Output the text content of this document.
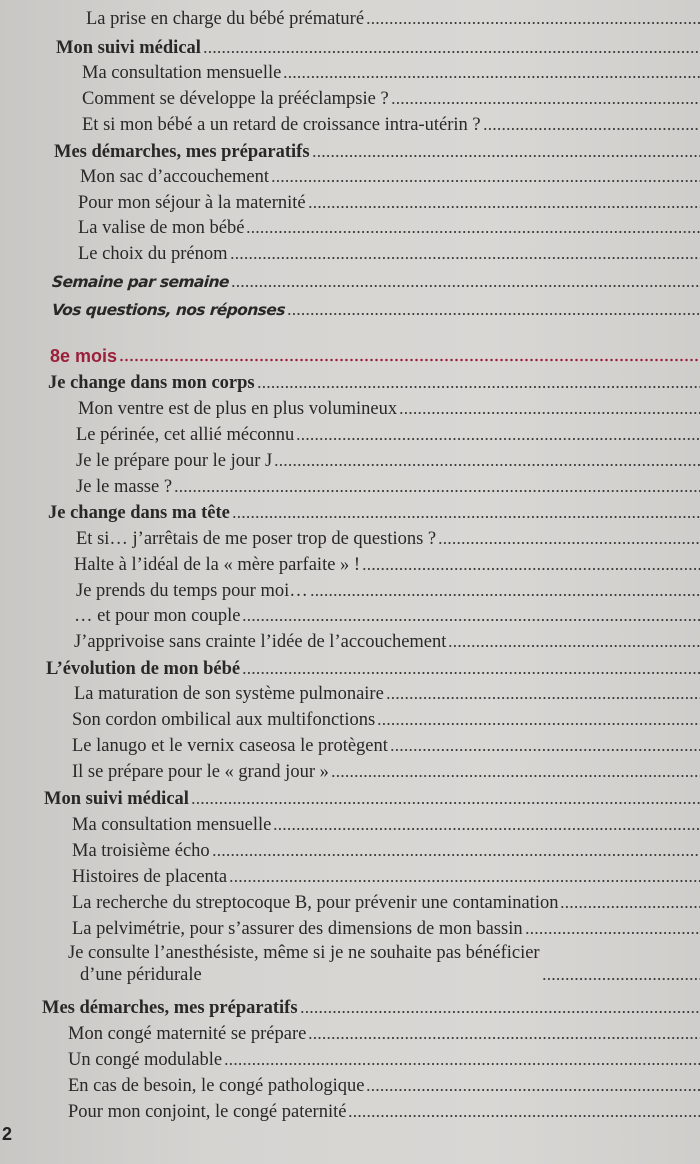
La prise en charge du bébé prématuré
Mon suivi médical
Ma consultation mensuelle
Comment se développe la prééclampsie ?
Et si mon bébé a un retard de croissance intra-utérin ?
Mes démarches, mes préparatifs
Mon sac d’accouchement
Pour mon séjour à la maternité
La valise de mon bébé
Le choix du prénom
Semaine par semaine
Vos questions, nos réponses
8e mois
Je change dans mon corps
Mon ventre est de plus en plus volumineux
Le périnée, cet allié méconnu
Je le prépare pour le jour J
Je le masse ?
Je change dans ma tête
Et si… j’arrêtais de me poser trop de questions ?
Halte à l’idéal de la « mère parfaite » !
Je prends du temps pour moi…
… et pour mon couple
J’apprivoise sans crainte l’idée de l’accouchement
L’évolution de mon bébé
La maturation de son système pulmonaire
Son cordon ombilical aux multifonctions
Le lanugo et le vernix caseosa le protègent
Il se prépare pour le « grand jour »
Mon suivi médical
Ma consultation mensuelle
Ma troisième écho
Histoires de placenta
La recherche du streptocoque B, pour prévenir une contamination
La pelvimétrie, pour s’assurer des dimensions de mon bassin
Je consulte l’anesthésiste, même si je ne souhaite pas bénéficier
d’une péridurale
Mes démarches, mes préparatifs
Mon congé maternité se prépare
Un congé modulable
En cas de besoin, le congé pathologique
Pour mon conjoint, le congé paternité
2
